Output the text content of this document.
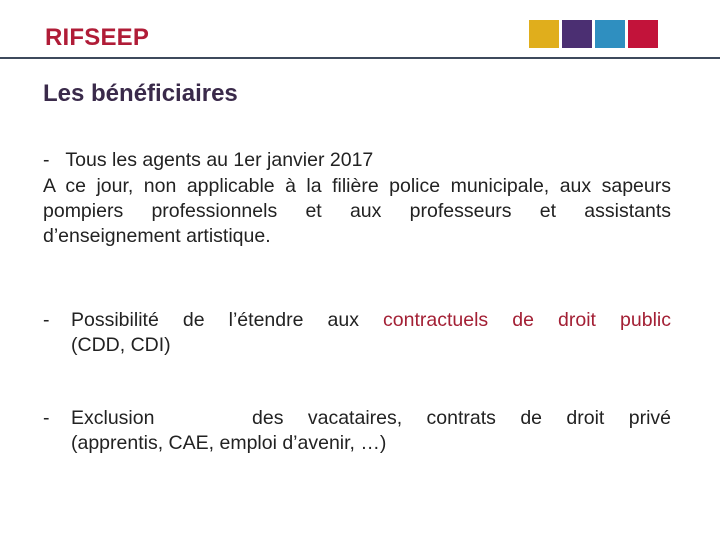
RIFSEEP
Les bénéficiaires
- Tous les agents au 1er janvier 2017
A ce jour, non applicable à la filière police municipale, aux sapeurs pompiers professionnels et aux professeurs et assistants d’enseignement artistique.
- Possibilité de l’étendre aux contractuels de droit public
(CDD, CDI)
- Exclusion    des vacataires, contrats de droit privé
(apprentis, CAE, emploi d’avenir, …)
